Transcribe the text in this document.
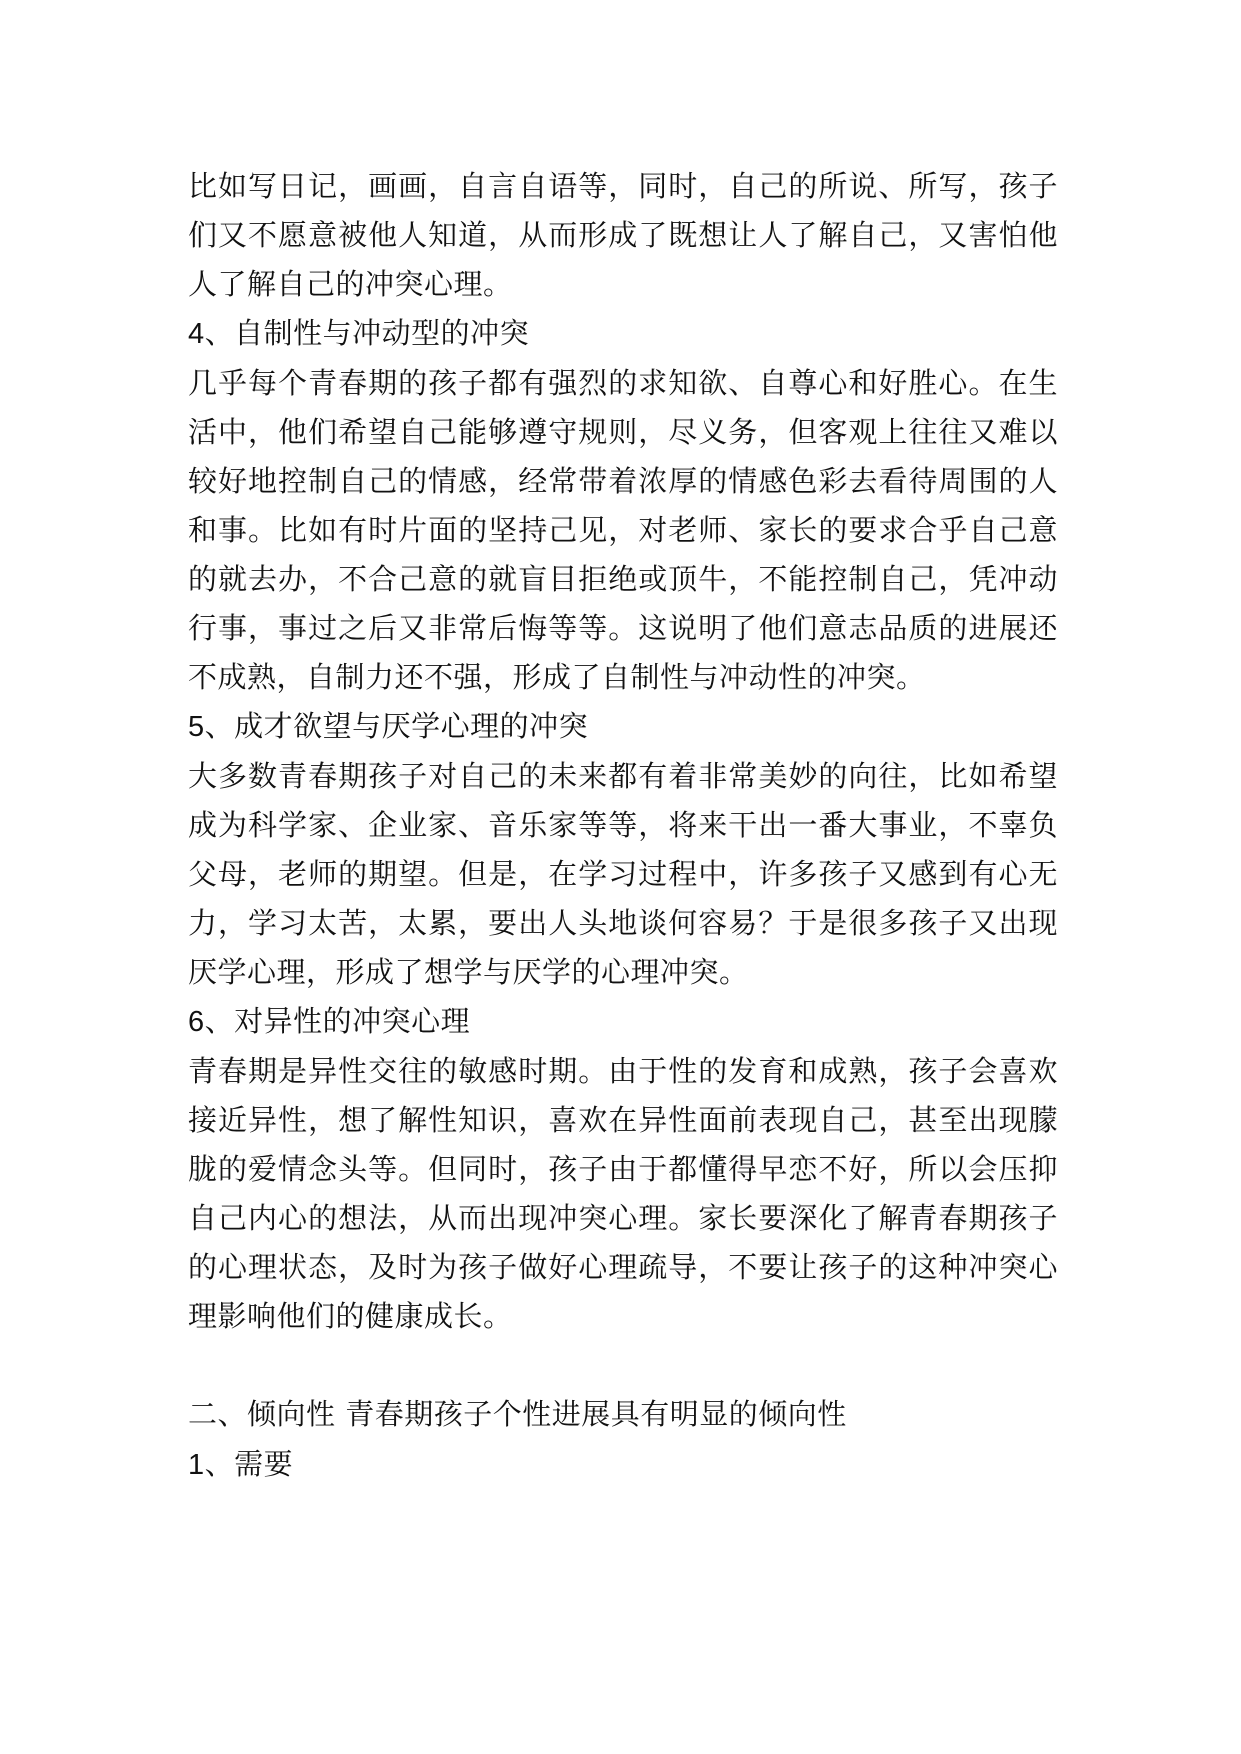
比如写日记，画画，自言自语等，同时，自己的所说、所写，孩子们又不愿意被他人知道，从而形成了既想让人了解自己，又害怕他人了解自己的冲突心理。

4、自制性与冲动型的冲突

几乎每个青春期的孩子都有强烈的求知欲、自尊心和好胜心。在生活中，他们希望自己能够遵守规则，尽义务，但客观上往往又难以较好地控制自己的情感，经常带着浓厚的情感色彩去看待周围的人和事。比如有时片面的坚持己见，对老师、家长的要求合乎自己意的就去办，不合己意的就盲目拒绝或顶牛，不能控制自己，凭冲动行事，事过之后又非常后悔等等。这说明了他们意志品质的进展还不成熟，自制力还不强，形成了自制性与冲动性的冲突。

5、成才欲望与厌学心理的冲突

大多数青春期孩子对自己的未来都有着非常美妙的向往，比如希望成为科学家、企业家、音乐家等等，将来干出一番大事业，不辜负父母，老师的期望。但是，在学习过程中，许多孩子又感到有心无力，学习太苦，太累，要出人头地谈何容易？于是很多孩子又出现厌学心理，形成了想学与厌学的心理冲突。

6、对异性的冲突心理

青春期是异性交往的敏感时期。由于性的发育和成熟，孩子会喜欢接近异性，想了解性知识，喜欢在异性面前表现自己，甚至出现朦胧的爱情念头等。但同时，孩子由于都懂得早恋不好，所以会压抑自己内心的想法，从而出现冲突心理。家长要深化了解青春期孩子的心理状态，及时为孩子做好心理疏导，不要让孩子的这种冲突心理影响他们的健康成长。

二、倾向性 青春期孩子个性进展具有明显的倾向性

1、需要
